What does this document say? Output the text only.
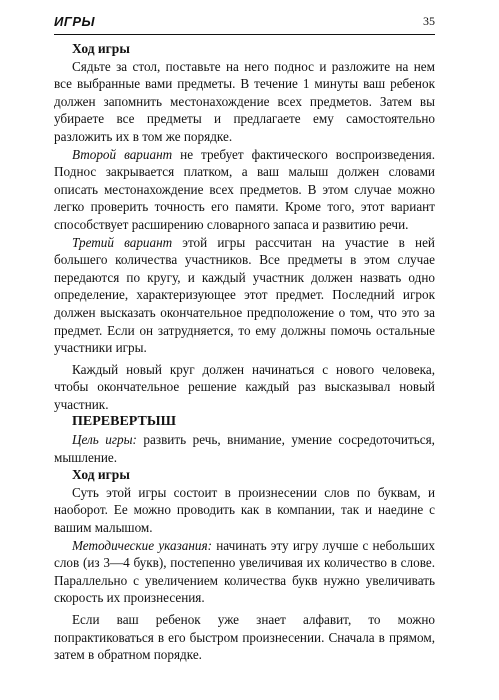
ИГРЫ	35

Ход игры

Сядьте за стол, поставьте на него поднос и разложите на нем все выбранные вами предметы. В течение 1 минуты ваш ребенок должен запомнить местонахождение всех предметов. Затем вы убираете все предметы и предлагаете ему самостоятельно разложить их в том же порядке.

Второй вариант не требует фактического воспроизведения. Поднос закрывается платком, а ваш малыш должен словами описать местонахождение всех предметов. В этом случае можно легко проверить точность его памяти. Кроме того, этот вариант способствует расширению словарного запаса и развитию речи.

Третий вариант этой игры рассчитан на участие в ней большего количества участников. Все предметы в этом случае передаются по кругу, и каждый участник должен назвать одно определение, характеризующее этот предмет. Последний игрок должен высказать окончательное предположение о том, что это за предмет. Если он затрудняется, то ему должны помочь остальные участники игры.

Каждый новый круг должен начинаться с нового человека, чтобы окончательное решение каждый раз высказывал новый участник.

ПЕРЕВЕРТЫШ

Цель игры: развить речь, внимание, умение сосредоточиться, мышление.

Ход игры

Суть этой игры состоит в произнесении слов по буквам, и наоборот. Ее можно проводить как в компании, так и наедине с вашим малышом.

Методические указания: начинать эту игру лучше с небольших слов (из 3—4 букв), постепенно увеличивая их количество в слове. Параллельно с увеличением количества букв нужно увеличивать скорость их произнесения.

Если ваш ребенок уже знает алфавит, то можно попрактиковаться в его быстром произнесении. Сначала в прямом, затем в обратном порядке.
